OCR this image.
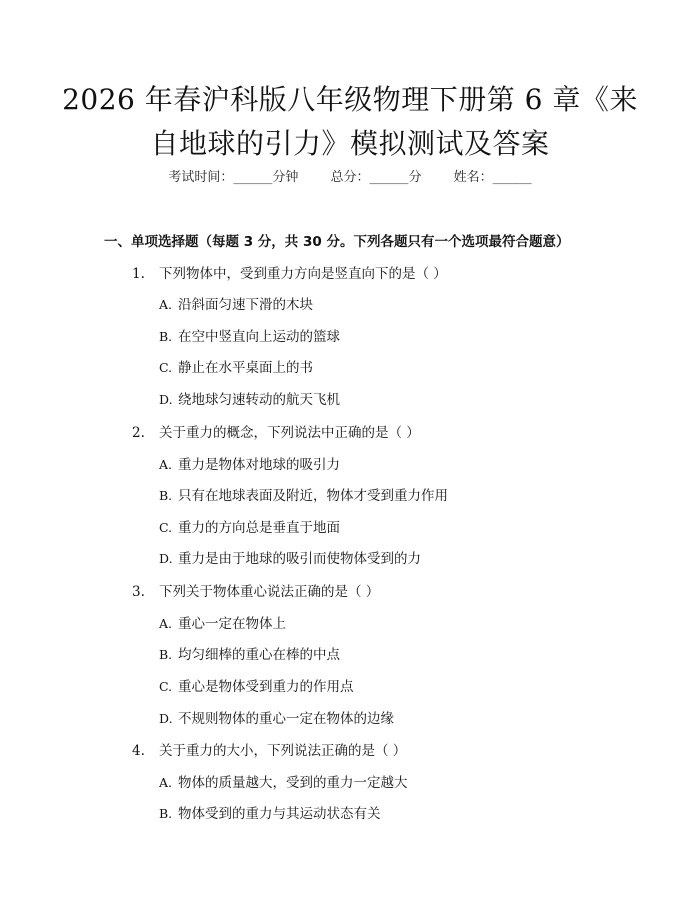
2026 年春沪科版八年级物理下册第 6 章《来
自地球的引力》模拟测试及答案
考试时间：______分钟 总分：______分 姓名：______
一、单项选择题（每题 3 分，共 30 分。下列各题只有一个选项最符合题意）
1. 下列物体中，受到重力方向是竖直向下的是（ ）
A. 沿斜面匀速下滑的木块
B. 在空中竖直向上运动的篮球
C. 静止在水平桌面上的书
D. 绕地球匀速转动的航天飞机
2. 关于重力的概念，下列说法中正确的是（ ）
A. 重力是物体对地球的吸引力
B. 只有在地球表面及附近，物体才受到重力作用
C. 重力的方向总是垂直于地面
D. 重力是由于地球的吸引而使物体受到的力
3. 下列关于物体重心说法正确的是（ ）
A. 重心一定在物体上
B. 均匀细棒的重心在棒的中点
C. 重心是物体受到重力的作用点
D. 不规则物体的重心一定在物体的边缘
4. 关于重力的大小，下列说法正确的是（ ）
A. 物体的质量越大，受到的重力一定越大
B. 物体受到的重力与其运动状态有关
